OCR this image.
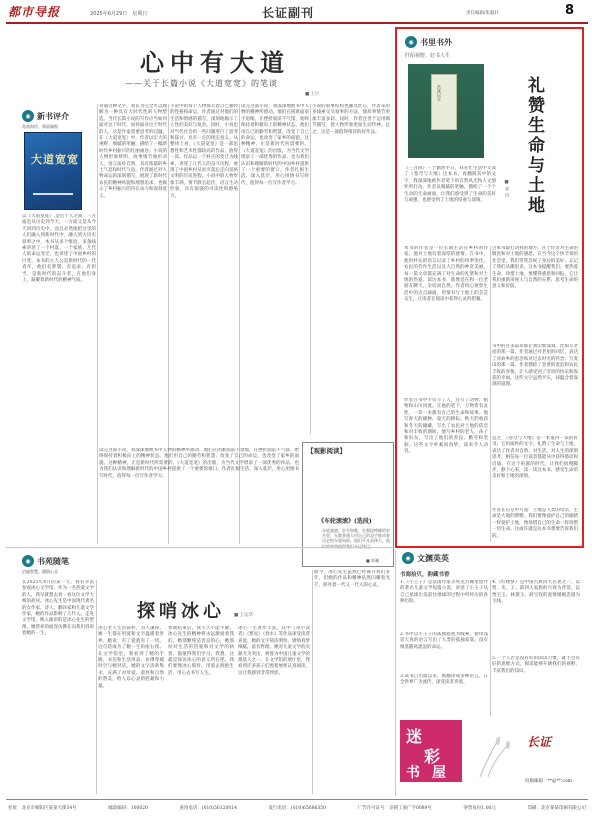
都市导报	2025年6月29日　星期日	长证副刊	责任编辑/张毅轩	8
心中有大道
——关于长篇小说《大道宽宽》的笔谈
■ 王巨
◉ 新书评介
苏南海岸、舜晨瑞熙
大道宽宽
以《大道宽宽》,是近十人之间，一方面是从历史到今天，一方面又是从今天回到历史中，而且必然地把这里的人们融入到新时代中，融入到大历史叙事之中，本书从多个维度、多条线索讲述了一个村落、一个家族、几代人的命运变迁，也讲述了中国乡村的巨变。本书的主人公是新时代的一代青年，他们有梦想、有追求、有担当，是新时代的奋斗者，在他们身上，凝聚着新时代的精神气质。
背诵这种文字，我认为完全可以理解为一种具有大时代性的人物塑造。当代长篇小说的写作应当如何面对这个时代，如何面对这个时代的人，这是作家需要思考的问题。在《大道宽宽》中，作者以宏大的视野、细腻的笔触，描绘了一幅新时代乡村振兴的壮丽画卷。小说的人物形象鲜明，故事情节曲折动人，语言质朴自然，具有浓郁的乡土气息和时代气息。作者通过对人物命运的深刻描写，展现了新时代农民的精神风貌和理想追求，也揭示了乡村振兴的内在动力和深刻意义。
小说中的每个人物都有着自己独特的性格和命运，作者通过对他们的生活和情感的描写，深刻地揭示了人性的美好与复杂。同时，小说也对当代社会的一些问题进行了思考和探讨，具有一定的现实意义。从整体上看，《大道宽宽》是一部思想性和艺术性都较高的作品，值得一读。作品以一个村庄的变迁为线索，讲述了几代人的奋斗历程，展现了中国乡村从贫穷落后走向富裕文明的历史进程。小说中的人物形象丰满，情节跌宕起伏，语言生动形象，具有很强的可读性和感染力。
读完这部小说，我深深地被书中人物的精神所感动。他们在困难面前不退缩，在挫折面前不气馁，始终保持着积极向上的精神状态。他们用自己的勤劳和智慧，改变了自己的命运，也改变了家乡的面貌。这种精神，正是新时代所需要的。《大道宽宽》的出版，为当代文学增添了一部优秀的作品，也为我们认识和理解新时代的中国乡村提供了一个重要的窗口。作者扎根生活、深入基层，用心用情书写时代，值得每一位写作者学习。
小说的叙事结构也颇具匠心，作者采用多线索交叉叙事的方法，使故事情节更加丰富多彩。同时，作者还善于运用细节描写，使人物形象更加生动传神。总之，这是一部值得推荐的好作品。
读完这部小说，我深深地被书中人物的精神所感动。他们在困难面前不退缩，在挫折面前不气馁，始终保持着积极向上的精神状态。他们用自己的勤劳和智慧，改变了自己的命运，也改变了家乡的面貌。这种精神，正是新时代所需要的。《大道宽宽》的出版，为当代文学增添了一部优秀的作品，也为我们认识和理解新时代的中国乡村提供了一个重要的窗口。作者扎根生活、深入基层，用心用情书写时代，值得每一位写作者学习。
【观影阅读】
《车轮滚滚》(选段)
车轮滚滚，岁月如歌，在那段峥嵘的岁月里，无数普通人用自己的双手推动着历史的车轮向前，他们平凡而伟大，他
■ 郭骥
◉ 书里书外
阡陌视野，好书人生
浩荡以言	礼赞生命与土地
■ 邓 良
《三百回》一个偶然平日，我在忙生活中又读了《苍穹与大地》这本书，再翻阅其中的文字，我深深地被作者笔下的自然风光和人文情怀所打动。作者以细腻的笔触，描绘了一个个生动的生命画面，让我们感受到了生命的美好与顽强，也感受到了土地的厚重与深情。
本书的作者是一位长期生活在乡村的作家，他对土地有着深厚的感情。在书中，他用朴实的语言记录了乡村的四季变化、农民的劳作生活以及大自然的神奇美丽。每一篇文章都充满了对生命的礼赞和对土地的热爱。读这本书，就像是在和一位老朋友聊天，亲切而自然。作者用心观察生活中的点点滴滴，用情书写土地上的芸芸众生，让读者在阅读中获得心灵的慰藉。
作者在书中不仅写了人，还写了动物、植物和山川河流。在他的笔下，万物皆有灵性，一草一木都有自己的生命和故事。他写春天的播种、夏天的耕耘、秋天的收获和冬天的储藏，写出了农民对土地的依恋和对丰收的期盼。他写乡村的老人、孩子和妇女，写出了他们的善良、勤劳和坚韧。这些文字朴素而真挚，读来令人动容。
这本书最打动我的地方，在于作者对生命的敬畏和对土地的感恩。在当今这个快节奏的社会里，我们常常忽视了身边的美好，忘记了我们从哪里来。这本书提醒我们，要热爱生命、珍惜土地，要懂得感恩和回报。它让我们重新审视人与自然的关系，思考生命的意义和价值。
书中的许多篇章都让我印象深刻。比如写老屋的那一篇，作者通过对老屋的回忆，表达了对故乡的思念和对过去时光的怀念；写麦田的那一篇，作者描绘了金黄的麦浪和农民丰收的喜悦，让人感受到了劳动的快乐和收获的幸福。这些文字虽然平实，却蕴含着深刻的道理。
总之，《苍穹与大地》是一本值得一读的好书。它用质朴的文字，礼赞了生命与土地，表达了作者对自然、对生活、对人生的深刻思考。相信每一位读者都能从中获得感动和启迪。在这个喧嚣的时代，让我们放慢脚步，静下心来，读一读这本书，感受生命的美好和土地的深情。
作者在后记中写道：土地是人类的母亲，生命是大地的馈赠。我们要像爱护自己的眼睛一样爱护土地，像珍惜自己的生命一样珍惜一切生命。这或许就是这本书想要告诉我们的。
◉ 书苑随笔
启迪智慧，涵润心灵
探哨冰心 ■ 王运华
在2025年4月的某一天，我有幸去参观冰心文学馆，作为一名热爱文学的人，我早就想去看一看这位文学大师的故居。冰心先生是中国现代著名的女作家、诗人、翻译家和儿童文学作家，她的作品影响了几代人。走进文学馆，映入眼帘的是冰心先生的塑像，她慈祥的面容仿佛在向我们诉说着她的一生。
冰心老人生活简朴，为人谦和，她一生都在用爱和文字温暖着世界。她说：有了爱就有了一切。这句话成为了她一生的座右铭。在文学馆里，我看到了她的手稿、书信和生活用品，仿佛穿越时空与她对话。她的文字清新隽永，充满了对母爱、童真和自然的赞美，给人以心灵的慰藉和力量。
参观结束后，我久久不能平静。冰心先生的精神将永远激励着我们。她那颗纯洁善良的心，她那份对生活的热爱和对文学的执着，都值得我们学习。我想，这就是探访冰心的意义所在吧。我们要像冰心那样，用爱去拥抱生活，用心去书写人生。
冰心一生著作丰富，其中《寄小读者》《繁星》《春水》等作品深受读者喜爱。她的文字简洁明快，感情真挚细腻，富有哲理。她对儿童文学的贡献尤为突出，被誉为中国儿童文学的奠基人之一。在文学馆的展厅里，我看到许多孩子们围着展柜认真阅读，这让我感到非常欣慰。
如今，冰心先生虽然已经离开我们多年，但她的作品和精神依然闪耀着光芒，照亮着一代又一代人的心灵。
◉ 文渊英英
书海拾贝，韵藏书香
1.《小王子》是法国作家圣埃克苏佩里创作的著名儿童文学短篇小说，讲述了小王子从自己星球出发前往地球的过程中所经历的各种历险。
2.书中以小王子的孤独旅程为线索，使用浅显天真的语言写出了人类的孤独寂寞、没有根基随风流浪的命运。
3.该书自出版以来，被翻译成多种语言，在全世界广为流传，深受读者喜爱。
4.《红楼梦》是中国古典四大名著之一，以贾、史、王、薛四大家族的兴衰为背景，以贾宝玉、林黛玉、薛宝钗的爱情婚姻悲剧为主线。
5.一个人若是没有好的阅读习惯，就不会有好的思维方式，阅读能够开阔我们的视野、丰富我们的知识。
迷
彩
书 屋
长证
投稿邮箱：**@**.com
社址：北京市朝阳区某某大街34号	邮政编码：100020	查询电话：(010)56120014	发行电话：(010)65686350	广告许可证号：京朝工商广字0089号	零售每份1.00元	印刷：北京某某印刷有限公司
